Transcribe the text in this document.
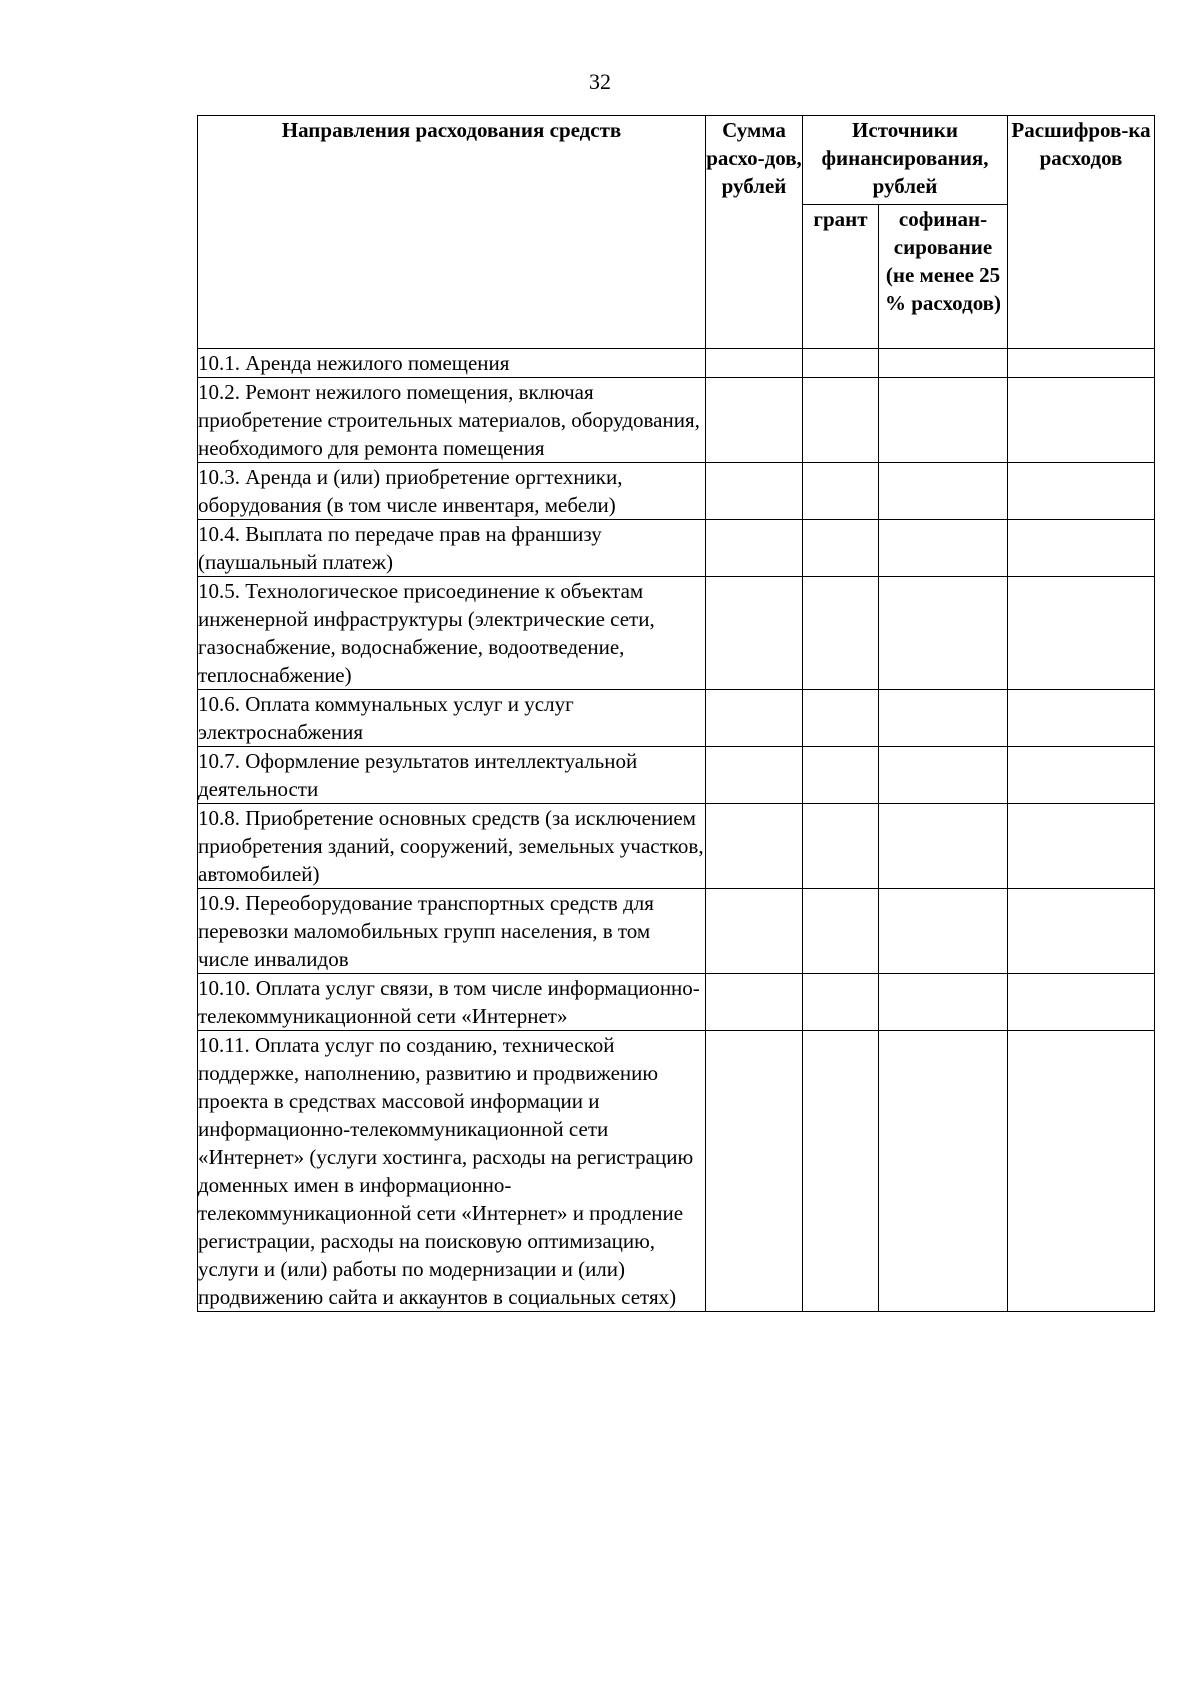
32
Направления расходования средств	Сумма расхо-дов, рублей	Источники финансирования, рублей		Расшифров-ка расходов
		грант	софинан-сирование (не менее 25 % расходов)	
10.1. Аренда нежилого помещения				
10.2. Ремонт нежилого помещения, включая приобретение строительных материалов, оборудования, необходимого для ремонта помещения				
10.3. Аренда и (или) приобретение оргтехники, оборудования (в том числе инвентаря, мебели)				
10.4. Выплата по передаче прав на франшизу (паушальный платеж)				
10.5. Технологическое присоединение к объектам инженерной инфраструктуры (электрические сети, газоснабжение, водоснабжение, водоотведение, теплоснабжение)				
10.6. Оплата коммунальных услуг и услуг электроснабжения				
10.7. Оформление результатов интеллектуальной деятельности				
10.8. Приобретение основных средств (за исключением приобретения зданий, сооружений, земельных участков, автомобилей)				
10.9. Переоборудование транспортных средств для перевозки маломобильных групп населения, в том числе инвалидов				
10.10. Оплата услуг связи, в том числе информационно-телекоммуникационной сети «Интернет»				
10.11. Оплата услуг по созданию, технической поддержке, наполнению, развитию и продвижению проекта в средствах массовой информации и информационно-телекоммуникационной сети «Интернет» (услуги хостинга, расходы на регистрацию доменных имен в информационно-телекоммуникационной сети «Интернет» и продление регистрации, расходы на поисковую оптимизацию, услуги и (или) работы по модернизации и (или) продвижению сайта и аккаунтов в социальных сетях)				
